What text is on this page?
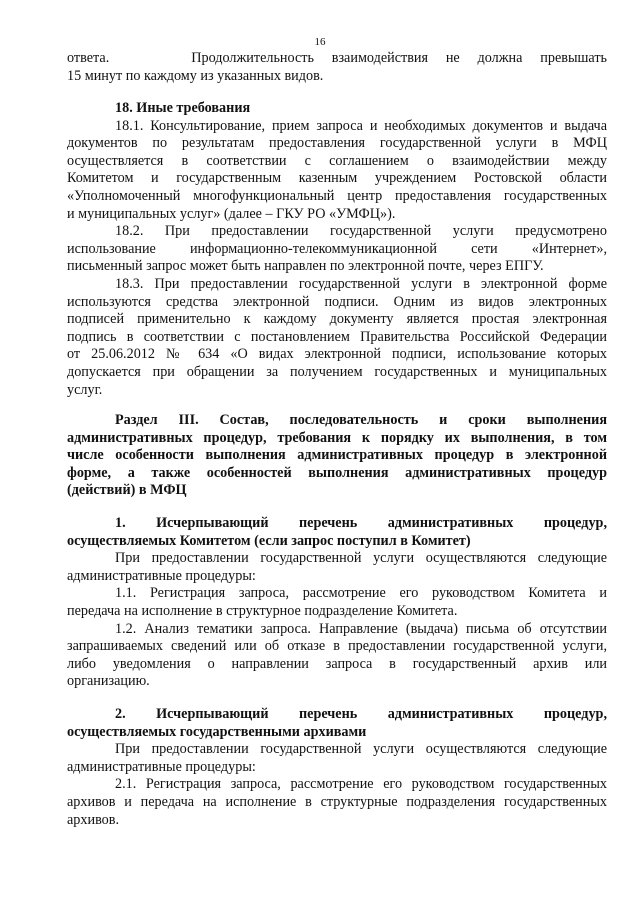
16
ответа.	Продолжительность взаимодействия не должна превышать
15 минут по каждому из указанных видов.
18. Иные требования
18.1. Консультирование, прием запроса и необходимых документов и выдача
документов по результатам предоставления государственной услуги в МФЦ
осуществляется в соответствии с соглашением о взаимодействии между
Комитетом и государственным казенным учреждением Ростовской области
«Уполномоченный многофункциональный центр предоставления государственных
и муниципальных услуг» (далее – ГКУ РО «УМФЦ»).
18.2. При предоставлении государственной услуги предусмотрено
использование информационно-телекоммуникационной сети «Интернет»,
письменный запрос может быть направлен по электронной почте, через ЕПГУ.
18.3. При предоставлении государственной услуги в электронной форме
используются средства электронной подписи. Одним из видов электронных
подписей применительно к каждому документу является простая электронная
подпись в соответствии с постановлением Правительства Российской Федерации
от 25.06.2012 № 634 «О видах электронной подписи, использование которых
допускается при обращении за получением государственных и муниципальных
услуг.
Раздел III. Состав, последовательность и сроки выполнения
административных процедур, требования к порядку их выполнения, в том
числе особенности выполнения административных процедур в электронной
форме, а также особенностей выполнения административных процедур
(действий) в МФЦ
1. Исчерпывающий перечень административных процедур,
осуществляемых Комитетом (если запрос поступил в Комитет)
При предоставлении государственной услуги осуществляются следующие
административные процедуры:
1.1. Регистрация запроса, рассмотрение его руководством Комитета и
передача на исполнение в структурное подразделение Комитета.
1.2. Анализ тематики запроса. Направление (выдача) письма об отсутствии
запрашиваемых сведений или об отказе в предоставлении государственной услуги,
либо уведомления о направлении запроса в государственный архив или
организацию.
2. Исчерпывающий перечень административных процедур,
осуществляемых государственными архивами
При предоставлении государственной услуги осуществляются следующие
административные процедуры:
2.1. Регистрация запроса, рассмотрение его руководством государственных
архивов и передача на исполнение в структурные подразделения государственных
архивов.
